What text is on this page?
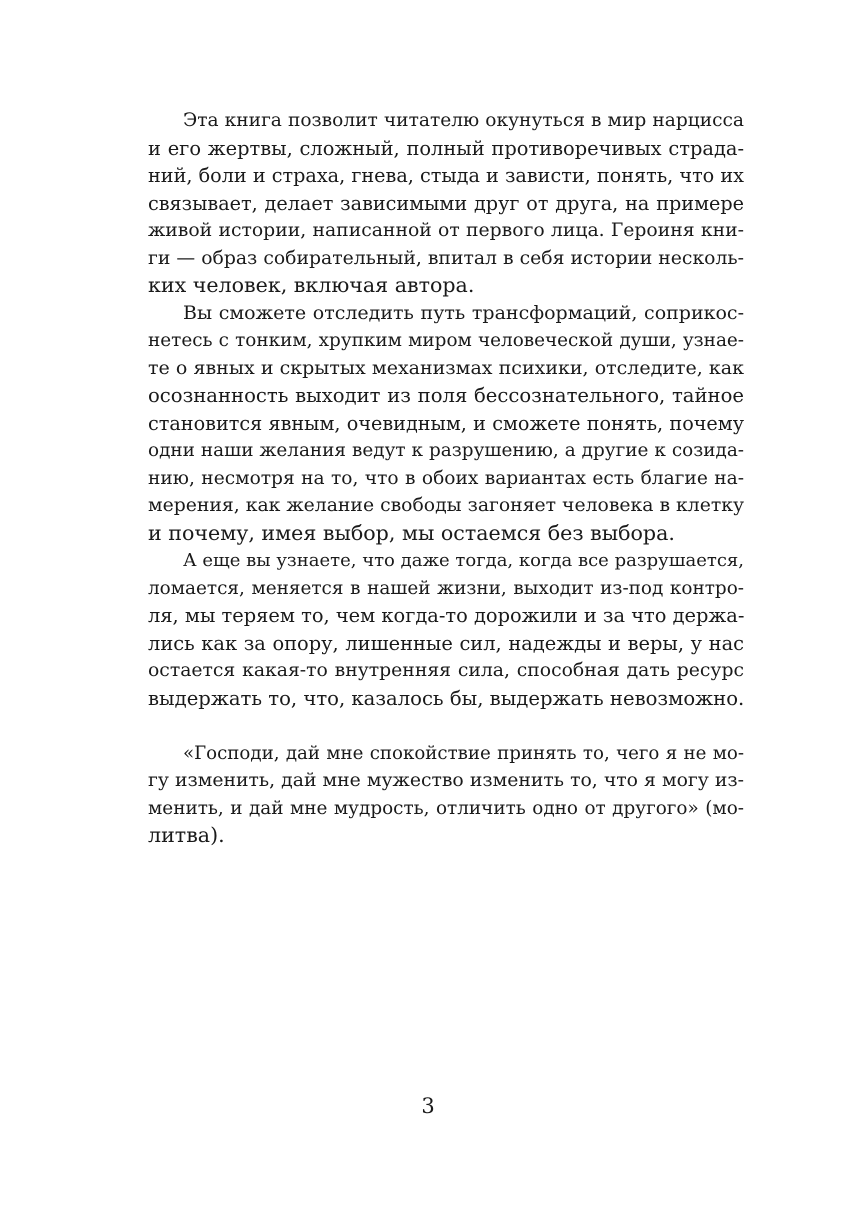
Эта книга позволит читателю окунуться в мир нарцисса
и его жертвы, сложный, полный противоречивых страда-
ний, боли и страха, гнева, стыда и зависти, понять, что их
связывает, делает зависимыми друг от друга, на примере
живой истории, написанной от первого лица. Героиня кни-
ги — образ собирательный, впитал в себя истории несколь-
ких человек, включая автора.
Вы сможете отследить путь трансформаций, соприкос-
нетесь с тонким, хрупким миром человеческой души, узнае-
те о явных и скрытых механизмах психики, отследите, как
осознанность выходит из поля бессознательного, тайное
становится явным, очевидным, и сможете понять, почему
одни наши желания ведут к разрушению, а другие к созида-
нию, несмотря на то, что в обоих вариантах есть благие на-
мерения, как желание свободы загоняет человека в клетку
и почему, имея выбор, мы остаемся без выбора.
А еще вы узнаете, что даже тогда, когда все разрушается,
ломается, меняется в нашей жизни, выходит из-под контро-
ля, мы теряем то, чем когда-то дорожили и за что держа-
лись как за опору, лишенные сил, надежды и веры, у нас
остается какая-то внутренняя сила, способная дать ресурс
выдержать то, что, казалось бы, выдержать невозможно.
«Господи, дай мне спокойствие принять то, чего я не мо-
гу изменить, дай мне мужество изменить то, что я могу из-
менить, и дай мне мудрость, отличить одно от другого» (мо-
литва).
3
